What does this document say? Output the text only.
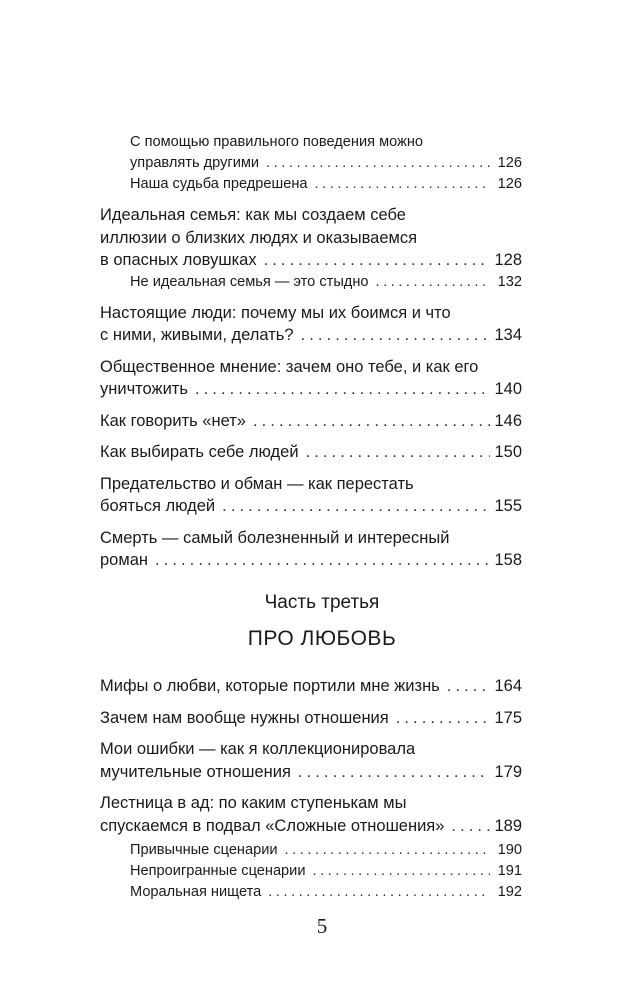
С помощью правильного поведения можно
управлять другими . . .	126
Наша судьба предрешена . . .	126
Идеальная семья: как мы создаем себе
иллюзии о близких людях и оказываемся
в опасных ловушках . . .	128
Не идеальная семья — это стыдно . . .	132
Настоящие люди: почему мы их боимся и что
с ними, живыми, делать? . . .	134
Общественное мнение: зачем оно тебе, и как его
уничтожить . . .	140
Как говорить «нет» . . .	146
Как выбирать себе людей . . .	150
Предательство и обман — как перестать
бояться людей . . .	155
Смерть — самый болезненный и интересный
роман . . .	158
Часть третья
ПРО ЛЮБОВЬ
Мифы о любви, которые портили мне жизнь . . .	164
Зачем нам вообще нужны отношения . . .	175
Мои ошибки — как я коллекционировала
мучительные отношения . . .	179
Лестница в ад: по каким ступенькам мы
спускаемся в подвал «Сложные отношения» . . .	189
Привычные сценарии . . .	190
Непроигранные сценарии . . .	191
Моральная нищета . . .	192
5
